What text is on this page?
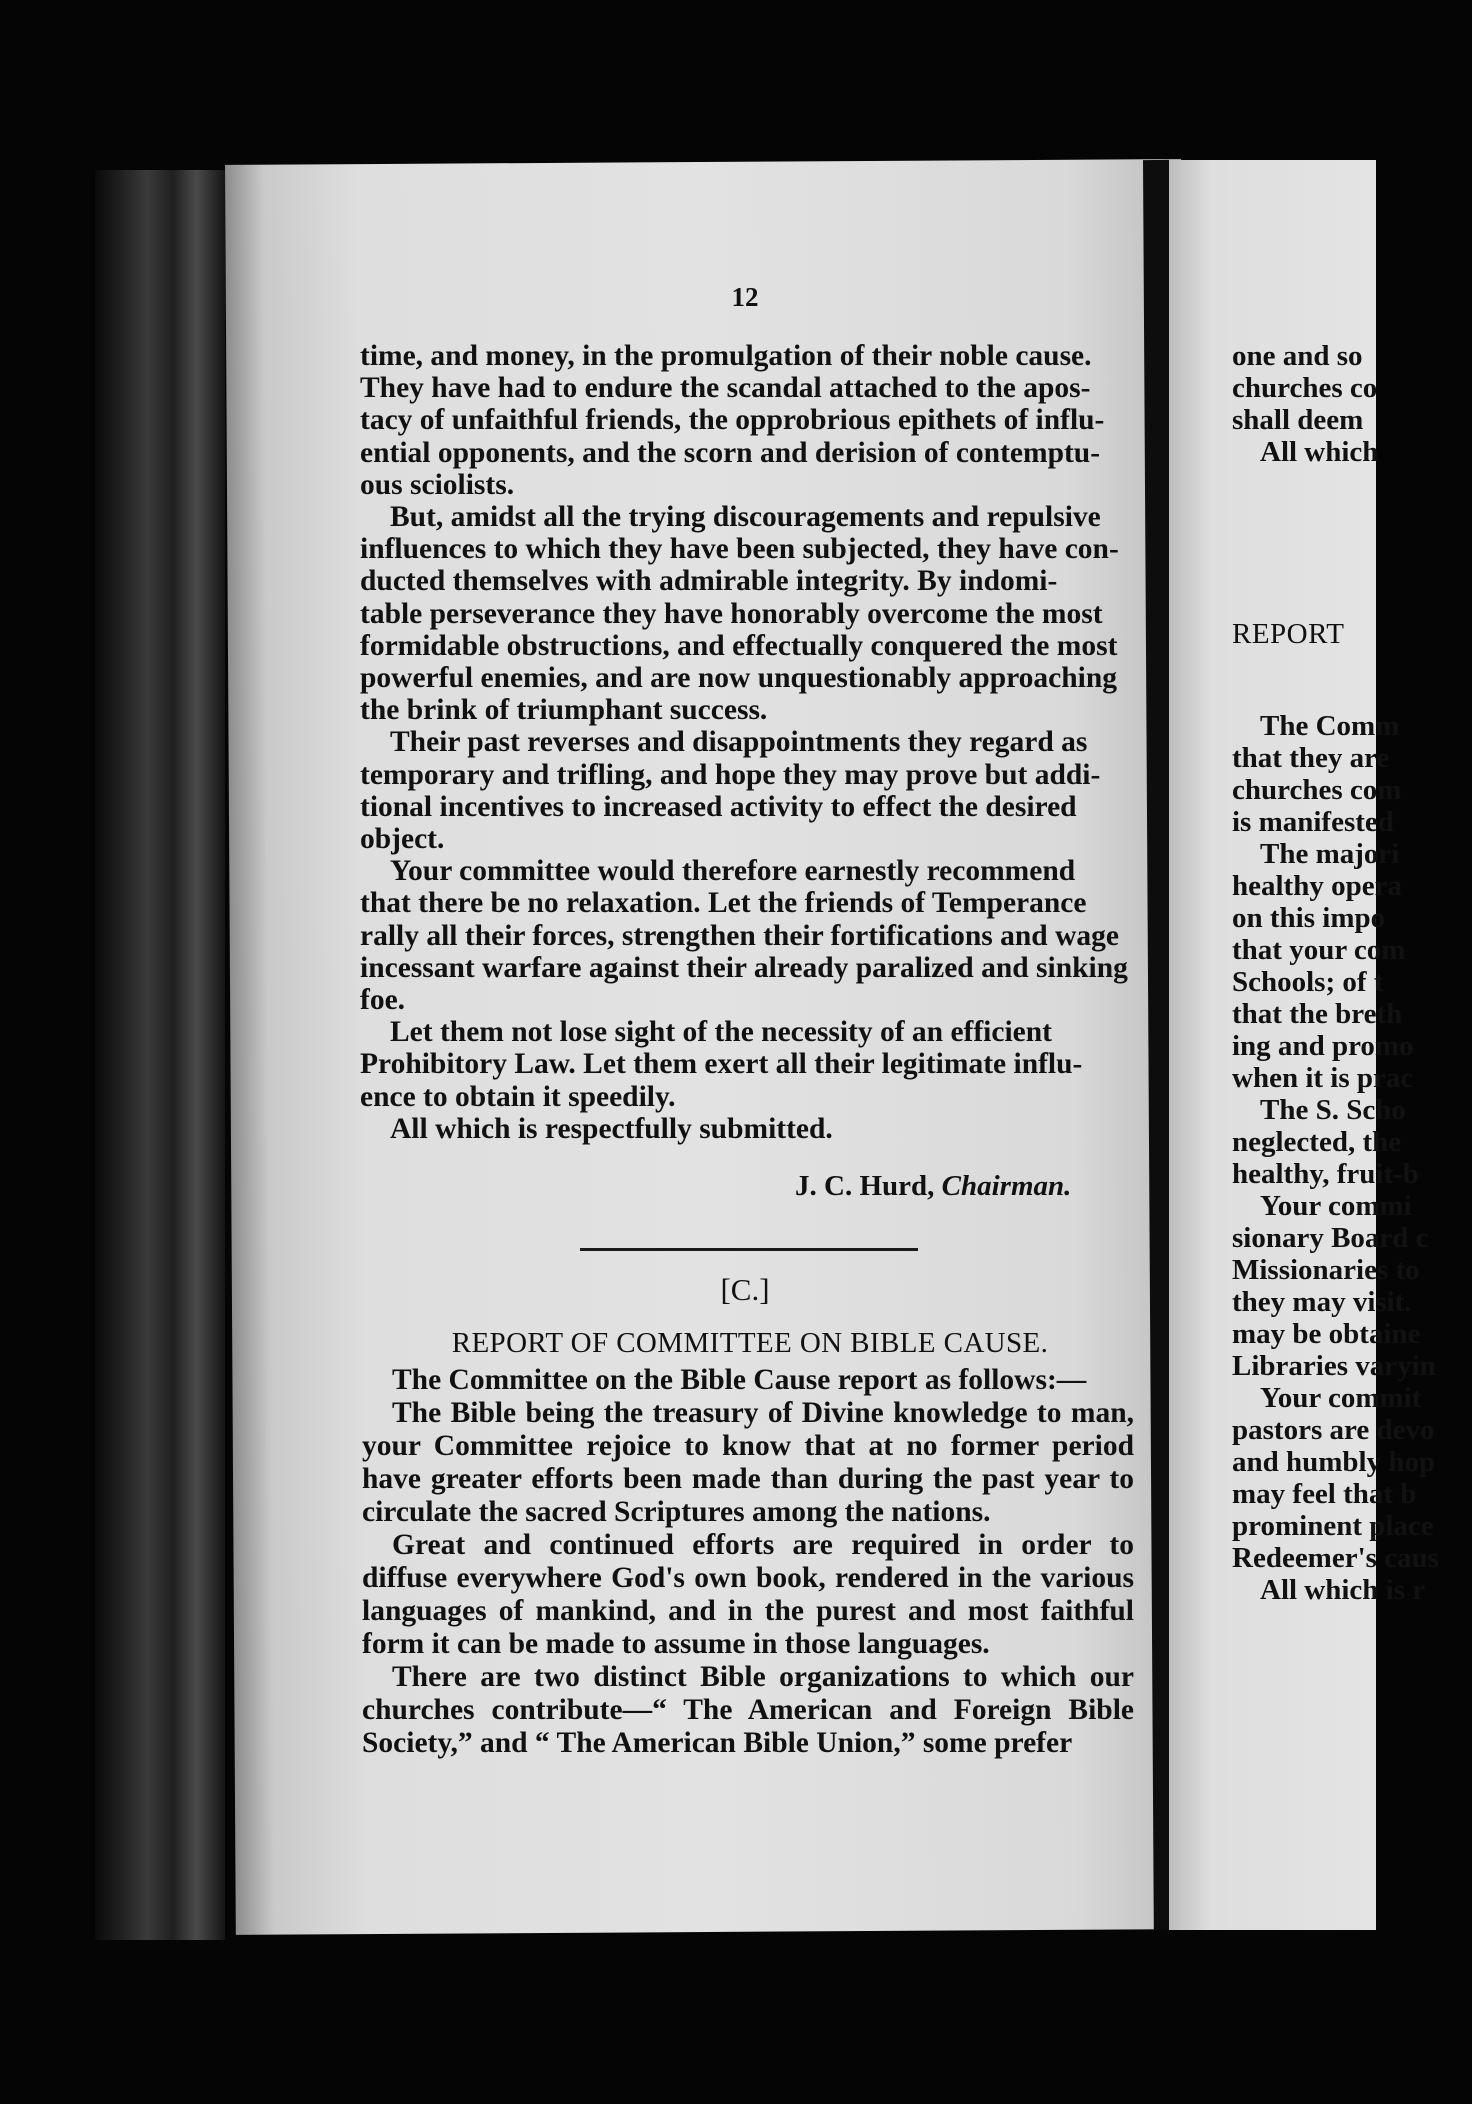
12

time, and money, in the promulgation of their noble cause.

They have had to endure the scandal attached to the apos-

tacy of unfaithful friends, the opprobrious epithets of influ-

ential opponents, and the scorn and derision of contemptu-

ous sciolists.

But, amidst all the trying discouragements and repulsive

influences to which they have been subjected, they have con-

ducted themselves with admirable integrity. By indomi-

table perseverance they have honorably overcome the most

formidable obstructions, and effectually conquered the most

powerful enemies, and are now unquestionably approaching

the brink of triumphant success.

Their past reverses and disappointments they regard as

temporary and trifling, and hope they may prove but addi-

tional incentives to increased activity to effect the desired

object.

Your committee would therefore earnestly recommend

that there be no relaxation. Let the friends of Temperance

rally all their forces, strengthen their fortifications and wage

incessant warfare against their already paralized and sinking

foe.

Let them not lose sight of the necessity of an efficient

Prohibitory Law. Let them exert all their legitimate influ-

ence to obtain it speedily.

All which is respectfully submitted.

J. C. Hurd, Chairman.
[C.]
REPORT OF COMMITTEE ON BIBLE CAUSE.

The Committee on the Bible Cause report as follows:—

The Bible being the treasury of Divine knowledge to man, your Committee rejoice to know that at no former period have greater efforts been made than during the past year to circulate the sacred Scriptures among the nations.

Great and continued efforts are required in order to diffuse everywhere God's own book, rendered in the various languages of mankind, and in the purest and most faithful form it can be made to assume in those languages.

There are two distinct Bible organizations to which our churches contribute—“ The American and Foreign Bible Society,” and “ The American Bible Union,” some prefer

one and so
churches co
shall deem
All which
REPORT
The Comm
that they are
churches com
is manifested
The majori
healthy opera
on this impo
that your com
Schools; of t
that the breth
ing and promo
when it is prac
The S. Scho
neglected, the
healthy, fruit-b
Your commi
sionary Board c
Missionaries to
they may visit.
may be obtaine
Libraries varyin
Your commit
pastors are devo
and humbly hop
may feel that b
prominent place
Redeemer's caus
All which is r
